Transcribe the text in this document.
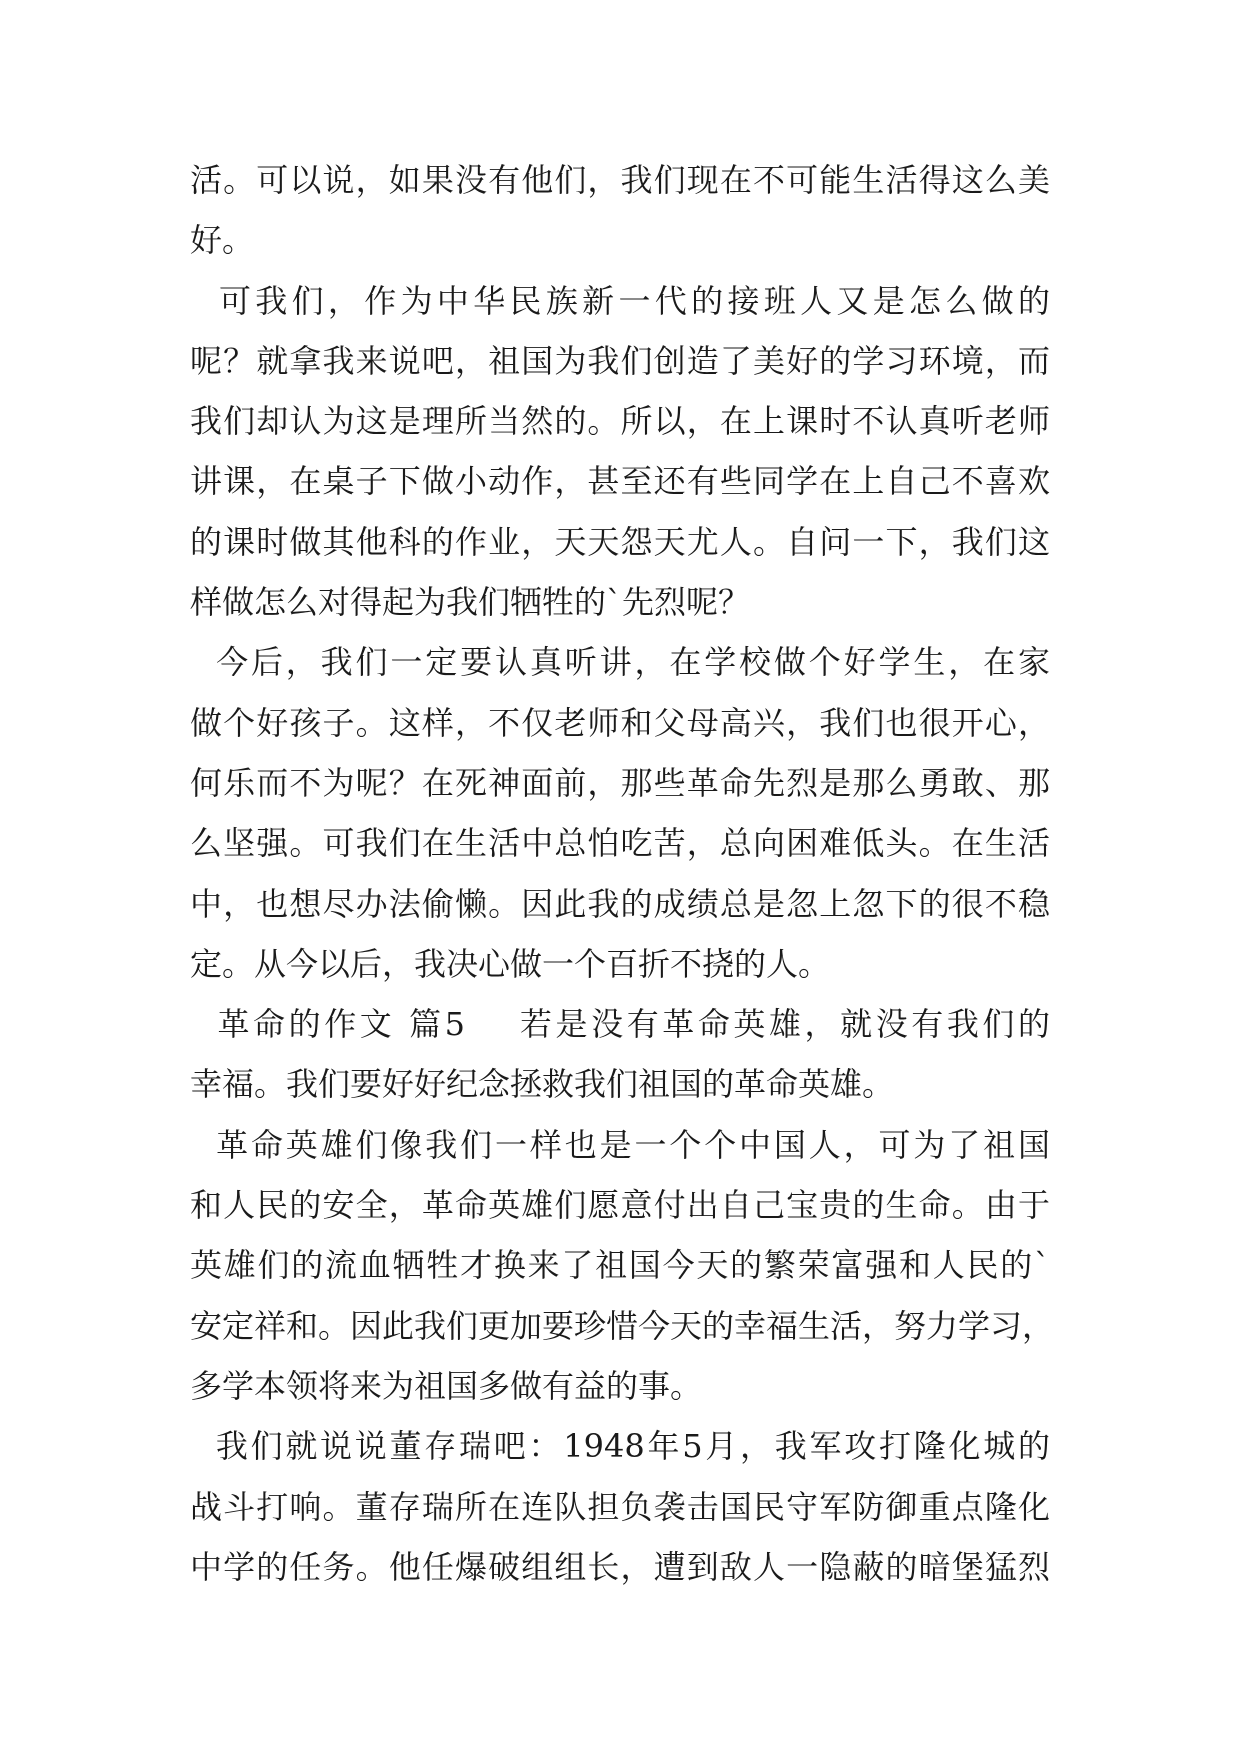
活。可以说，如果没有他们，我们现在不可能生活得这么美
好。
可我们，作为中华民族新一代的接班人又是怎么做的
呢？就拿我来说吧，祖国为我们创造了美好的学习环境，而
我们却认为这是理所当然的。所以，在上课时不认真听老师
讲课，在桌子下做小动作，甚至还有些同学在上自己不喜欢
的课时做其他科的作业，天天怨天尤人。自问一下，我们这
样做怎么对得起为我们牺牲的`先烈呢？
今后，我们一定要认真听讲，在学校做个好学生，在家
做个好孩子。这样，不仅老师和父母高兴，我们也很开心，
何乐而不为呢？在死神面前，那些革命先烈是那么勇敢、那
么坚强。可我们在生活中总怕吃苦，总向困难低头。在生活
中，也想尽办法偷懒。因此我的成绩总是忽上忽下的很不稳
定。从今以后，我决心做一个百折不挠的人。
革命的作文 篇5    若是没有革命英雄，就没有我们的
幸福。我们要好好纪念拯救我们祖国的革命英雄。
革命英雄们像我们一样也是一个个中国人，可为了祖国
和人民的安全，革命英雄们愿意付出自己宝贵的生命。由于
英雄们的流血牺牲才换来了祖国今天的繁荣富强和人民的`
安定祥和。因此我们更加要珍惜今天的幸福生活，努力学习，
多学本领将来为祖国多做有益的事。
我们就说说董存瑞吧：1948年5月，我军攻打隆化城的
战斗打响。董存瑞所在连队担负袭击国民守军防御重点隆化
中学的任务。他任爆破组组长，遭到敌人一隐蔽的暗堡猛烈
